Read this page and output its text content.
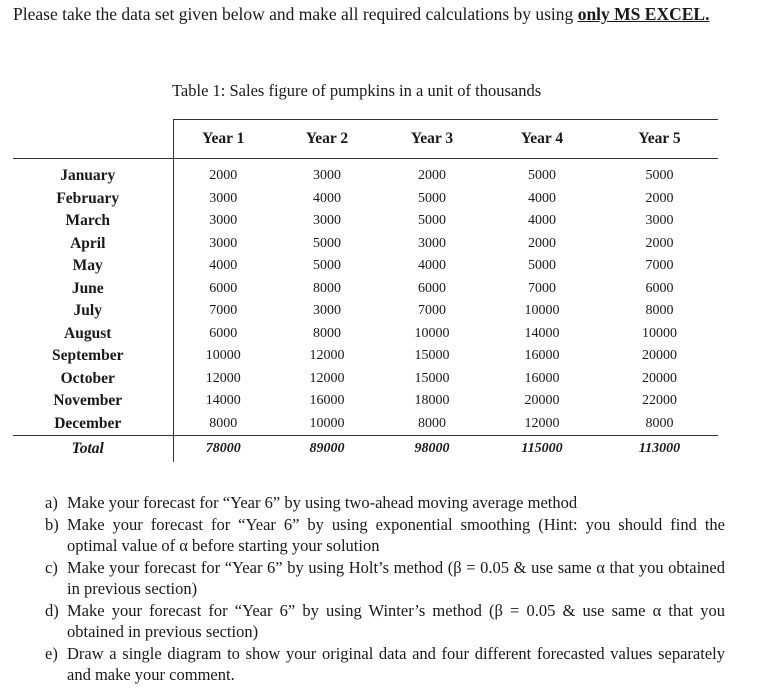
Please take the data set given below and make all required calculations by using only MS EXCEL.
Table 1: Sales figure of pumpkins in a unit of thousands
	Year 1	Year 2	Year 3	Year 4	Year 5
January	2000	3000	2000	5000	5000
February	3000	4000	5000	4000	2000
March	3000	3000	5000	4000	3000
April	3000	5000	3000	2000	2000
May	4000	5000	4000	5000	7000
June	6000	8000	6000	7000	6000
July	7000	3000	7000	10000	8000
August	6000	8000	10000	14000	10000
September	10000	12000	15000	16000	20000
October	12000	12000	15000	16000	20000
November	14000	16000	18000	20000	22000
December	8000	10000	8000	12000	8000
Total	78000	89000	98000	115000	113000
a) Make your forecast for “Year 6” by using two-ahead moving average method
b) Make your forecast for “Year 6” by using exponential smoothing (Hint: you should find the optimal value of α before starting your solution
c) Make your forecast for “Year 6” by using Holt’s method (β = 0.05 & use same α that you obtained in previous section)
d) Make your forecast for “Year 6” by using Winter’s method (β = 0.05 & use same α that you obtained in previous section)
e) Draw a single diagram to show your original data and four different forecasted values separately and make your comment.
